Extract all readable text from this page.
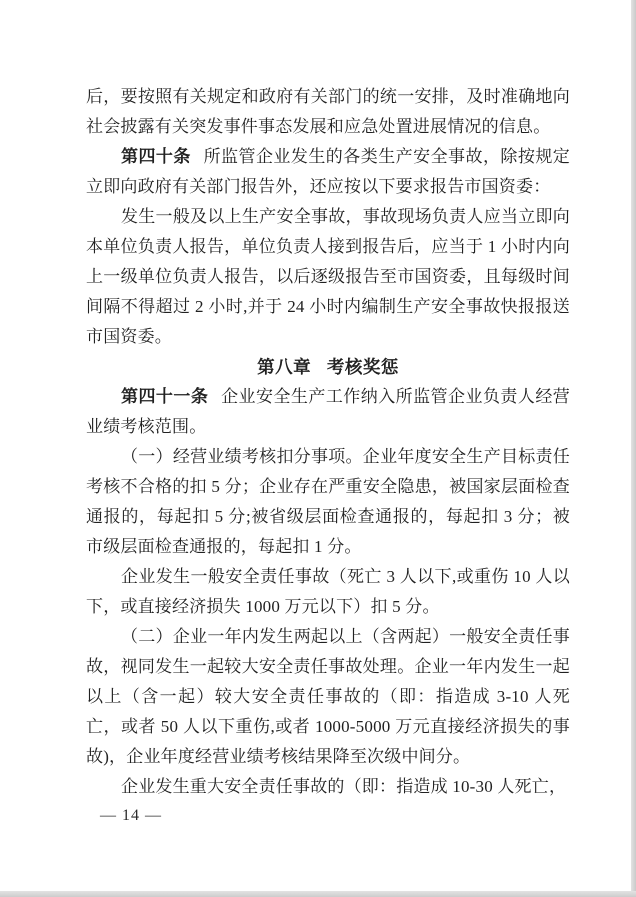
后，要按照有关规定和政府有关部门的统一安排，及时准确地向社会披露有关突发事件事态发展和应急处置进展情况的信息。

第四十条 所监管企业发生的各类生产安全事故，除按规定立即向政府有关部门报告外，还应按以下要求报告市国资委：

发生一般及以上生产安全事故，事故现场负责人应当立即向本单位负责人报告，单位负责人接到报告后，应当于 1 小时内向上一级单位负责人报告，以后逐级报告至市国资委，且每级时间间隔不得超过 2 小时,并于 24 小时内编制生产安全事故快报报送市国资委。

第八章 考核奖惩

第四十一条 企业安全生产工作纳入所监管企业负责人经营业绩考核范围。

（一）经营业绩考核扣分事项。企业年度安全生产目标责任考核不合格的扣 5 分；企业存在严重安全隐患，被国家层面检查通报的，每起扣 5 分;被省级层面检查通报的，每起扣 3 分；被市级层面检查通报的，每起扣 1 分。

企业发生一般安全责任事故（死亡 3 人以下,或重伤 10 人以下，或直接经济损失 1000 万元以下）扣 5 分。

（二）企业一年内发生两起以上（含两起）一般安全责任事故，视同发生一起较大安全责任事故处理。企业一年内发生一起以上（含一起）较大安全责任事故的（即：指造成 3-10 人死亡，或者 50 人以下重伤,或者 1000-5000 万元直接经济损失的事故)，企业年度经营业绩考核结果降至次级中间分。

企业发生重大安全责任事故的（即：指造成 10-30 人死亡，

— 14 —
